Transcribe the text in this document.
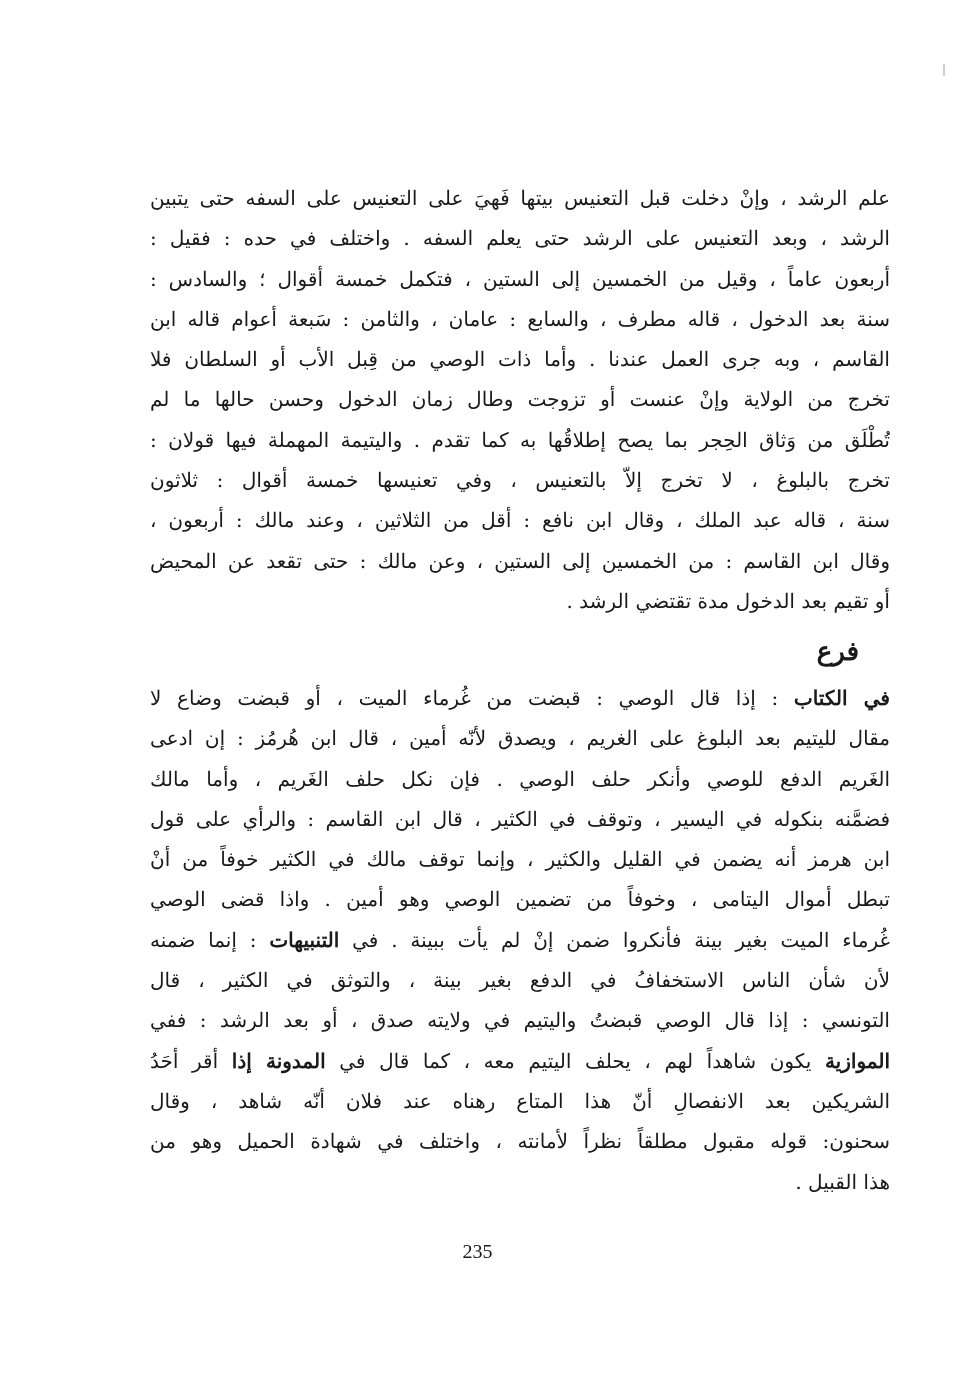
علم الرشد ، وإنْ دخلت قبل التعنيس بيتها فَهيَ على التعنيس على السفه حتى يتبين
الرشد ، وبعد التعنيس على الرشد حتى يعلم السفه . واختلف في حده : فقيل :
أربعون عاماً ، وقيل من الخمسين إلى الستين ، فتكمل خمسة أقوال ؛ والسادس :
سنة بعد الدخول ، قاله مطرف ، والسابع : عامان ، والثامن : سَبعة أعوام قاله ابن
القاسم ، وبه جرى العمل عندنا . وأما ذات الوصي من قِبل الأب أو السلطان فلا
تخرج من الولاية وإنْ عنست أو تزوجت وطال زمان الدخول وحسن حالها ما لم
تُطْلَق من وَثاق الحِجر بما يصح إطلاقُها به كما تقدم . واليتيمة المهملة فيها قولان :
تخرج بالبلوغ ، لا تخرج إلاّ بالتعنيس ، وفي تعنيسها خمسة أقوال : ثلاثون
سنة ، قاله عبد الملك ، وقال ابن نافع : أقل من الثلاثين ، وعند مالك : أربعون ،
وقال ابن القاسم : من الخمسين إلى الستين ، وعن مالك : حتى تقعد عن المحيض
أو تقيم بعد الدخول مدة تقتضي الرشد .
فرع
في الكتاب : إذا قال الوصي : قبضت من غُرماء الميت ، أو قبضت وضاع لا
مقال لليتيم بعد البلوغ على الغريم ، ويصدق لأنّه أمين ، قال ابن هُرمُز : إن ادعى
الغَريم الدفع للوصي وأنكر حلف الوصي . فإن نكل حلف الغَريم ، وأما مالك
فضمَّنه بنكوله في اليسير ، وتوقف في الكثير ، قال ابن القاسم : والرأي على قول
ابن هرمز أنه يضمن في القليل والكثير ، وإنما توقف مالك في الكثير خوفاً من أنْ
تبطل أموال اليتامى ، وخوفاً من تضمين الوصي وهو أمين . واذا قضى الوصي
غُرماء الميت بغير بينة فأنكروا ضمن إنْ لم يأت ببينة . في التنبيهات : إنما ضمنه
لأن شأن الناس الاستخفافُ في الدفع بغير بينة ، والتوثق في الكثير ، قال
التونسي : إذا قال الوصي قبضتُ واليتيم في ولايته صدق ، أو بعد الرشد : ففي
الموازية يكون شاهداً لهم ، يحلف اليتيم معه ، كما قال في المدونة إذا أقر أحَدُ
الشريكين بعد الانفصالِ أنّ هذا المتاع رهناه عند فلان أنّه شاهد ، وقال
سحنون: قوله مقبول مطلقاً نظراً لأمانته ، واختلف في شهادة الحميل وهو من
هذا القبيل .
235
